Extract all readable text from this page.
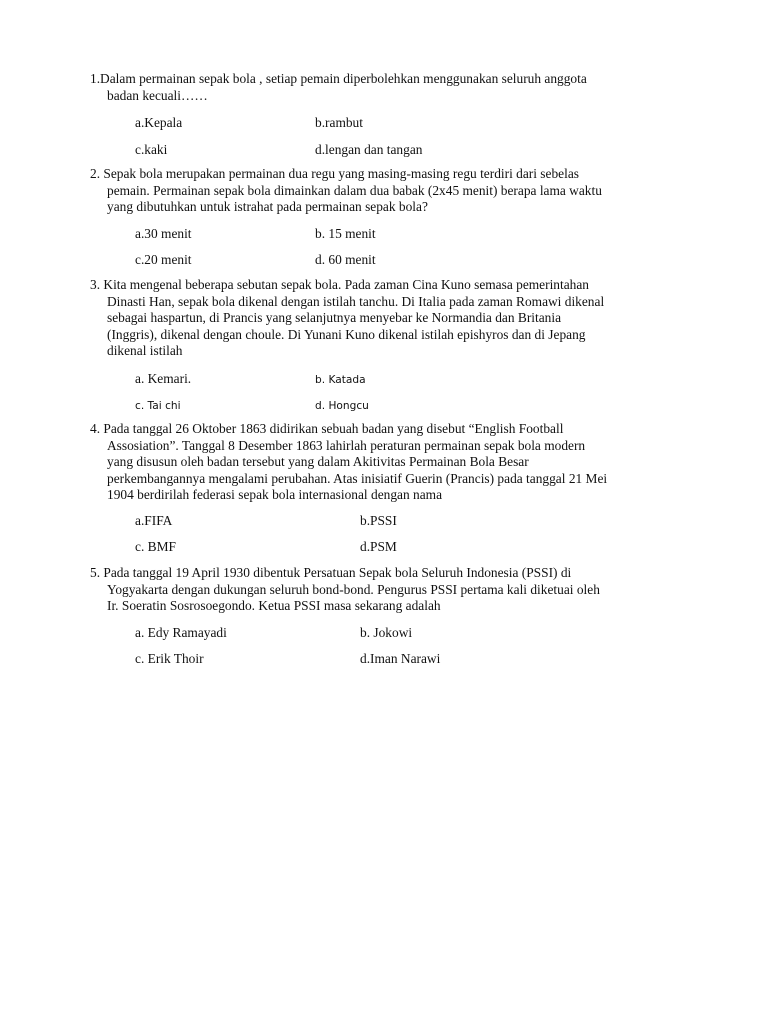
1.Dalam permainan sepak bola , setiap pemain diperbolehkan menggunakan seluruh anggota
badan kecuali……
a.Kepala	b.rambut
c.kaki	d.lengan dan tangan
2. Sepak bola merupakan permainan dua regu yang masing-masing regu terdiri dari sebelas
pemain. Permainan sepak bola dimainkan dalam dua babak (2x45 menit) berapa lama waktu
yang dibutuhkan untuk istrahat pada permainan sepak bola?
a.30 menit	b. 15 menit
c.20 menit	d. 60 menit
3. Kita mengenal beberapa sebutan sepak bola. Pada zaman Cina Kuno semasa pemerintahan
Dinasti Han, sepak bola dikenal dengan istilah tanchu. Di Italia pada zaman Romawi dikenal
sebagai haspartun, di Prancis yang selanjutnya menyebar ke Normandia dan Britania
(Inggris), dikenal dengan choule. Di Yunani Kuno dikenal istilah epishyros dan di Jepang
dikenal istilah
a. Kemari.	b. Katada
c. Tai chi	d. Hongcu
4. Pada tanggal 26 Oktober 1863 didirikan sebuah badan yang disebut “English Football
Assosiation”. Tanggal 8 Desember 1863 lahirlah peraturan permainan sepak bola modern
yang disusun oleh badan tersebut yang dalam Akitivitas Permainan Bola Besar
perkembangannya mengalami perubahan. Atas inisiatif Guerin (Prancis) pada tanggal 21 Mei
1904 berdirilah federasi sepak bola internasional dengan nama
a.FIFA	b.PSSI
c. BMF	d.PSM
5. Pada tanggal 19 April 1930 dibentuk Persatuan Sepak bola Seluruh Indonesia (PSSI) di
Yogyakarta dengan dukungan seluruh bond-bond. Pengurus PSSI pertama kali diketuai oleh
Ir. Soeratin Sosrosoegondo. Ketua PSSI masa sekarang adalah
a. Edy Ramayadi	b. Jokowi
c. Erik Thoir	d.Iman Narawi
